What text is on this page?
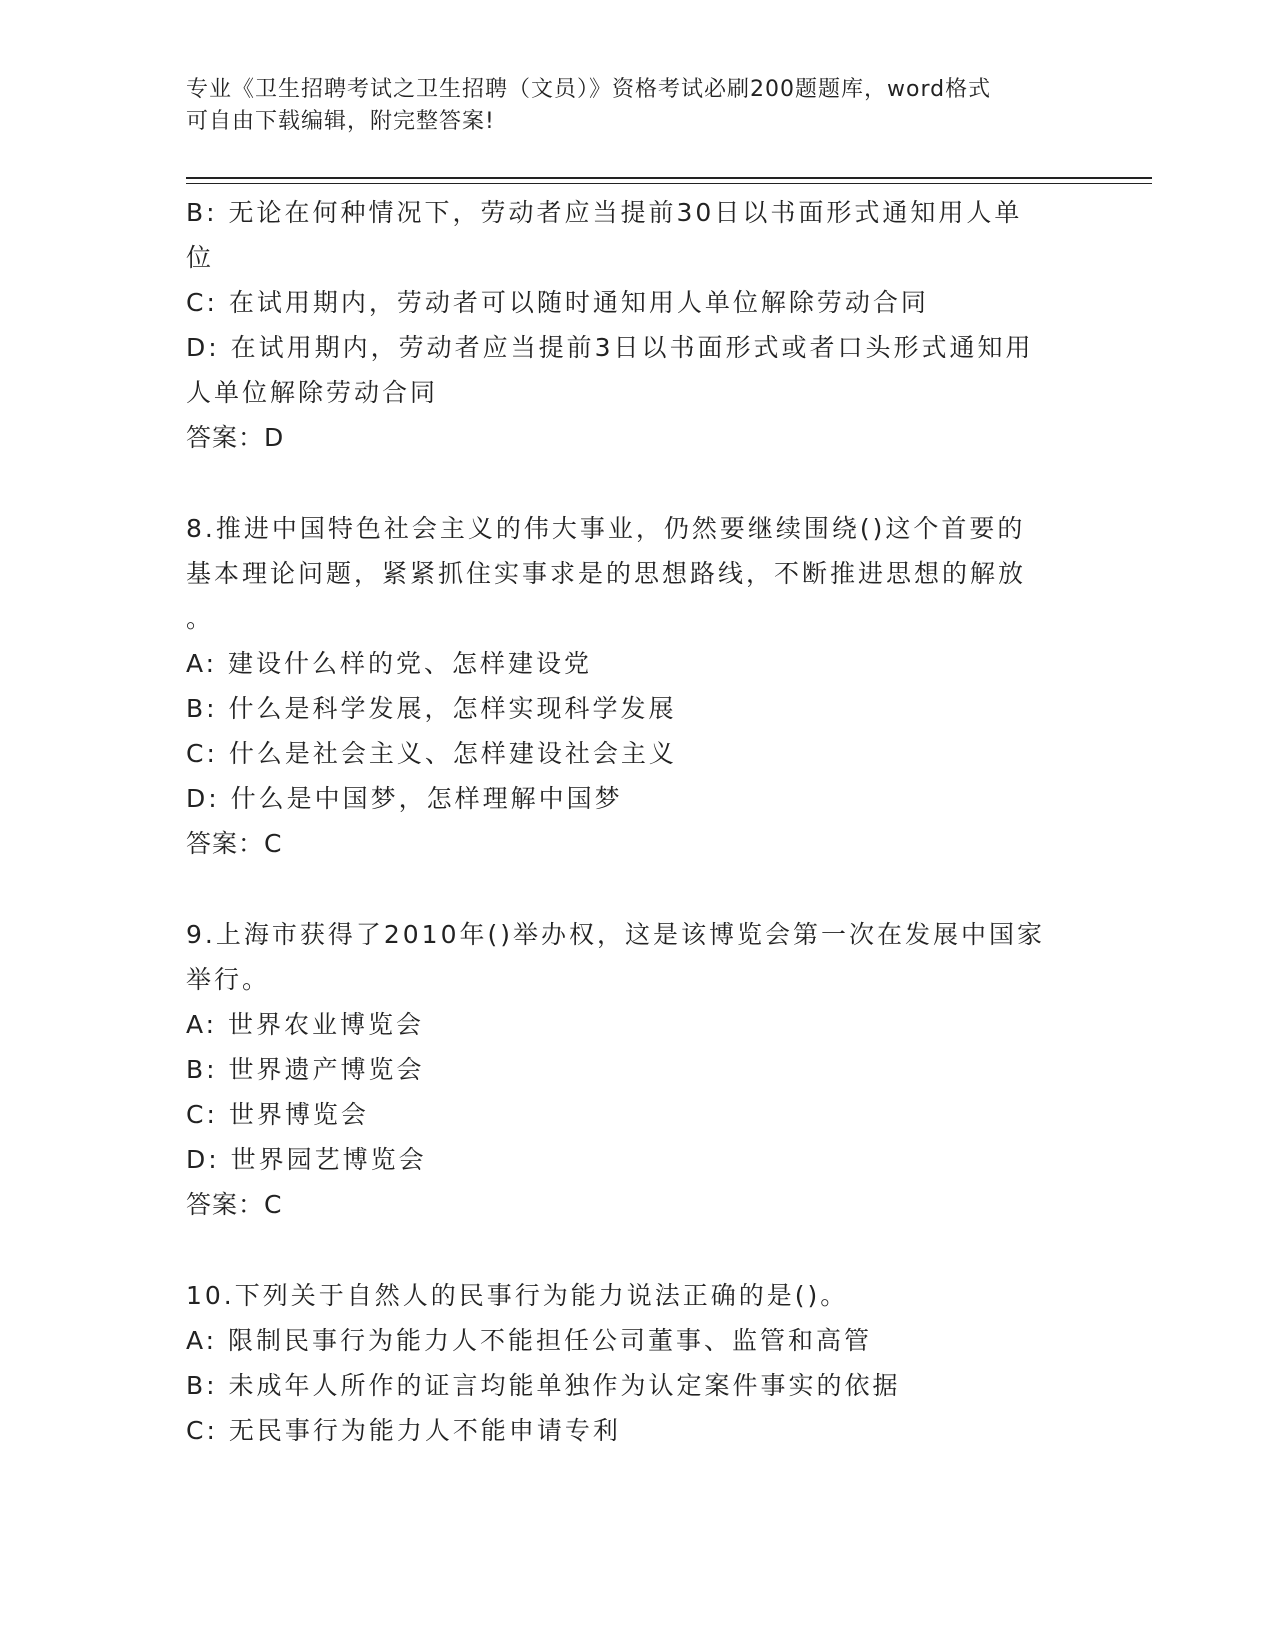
专业《卫生招聘考试之卫生招聘（文员）》资格考试必刷200题题库，word格式
可自由下载编辑，附完整答案!
B: 无论在何种情况下，劳动者应当提前30日以书面形式通知用人单
位
C: 在试用期内，劳动者可以随时通知用人单位解除劳动合同
D: 在试用期内，劳动者应当提前3日以书面形式或者口头形式通知用
人单位解除劳动合同
答案：D
8.推进中国特色社会主义的伟大事业，仍然要继续围绕()这个首要的
基本理论问题，紧紧抓住实事求是的思想路线，不断推进思想的解放
。
A: 建设什么样的党、怎样建设党
B: 什么是科学发展，怎样实现科学发展
C: 什么是社会主义、怎样建设社会主义
D: 什么是中国梦，怎样理解中国梦
答案：C
9.上海市获得了2010年()举办权，这是该博览会第一次在发展中国家
举行。
A: 世界农业博览会
B: 世界遗产博览会
C: 世界博览会
D: 世界园艺博览会
答案：C
10.下列关于自然人的民事行为能力说法正确的是()。
A: 限制民事行为能力人不能担任公司董事、监管和高管
B: 未成年人所作的证言均能单独作为认定案件事实的依据
C: 无民事行为能力人不能申请专利
